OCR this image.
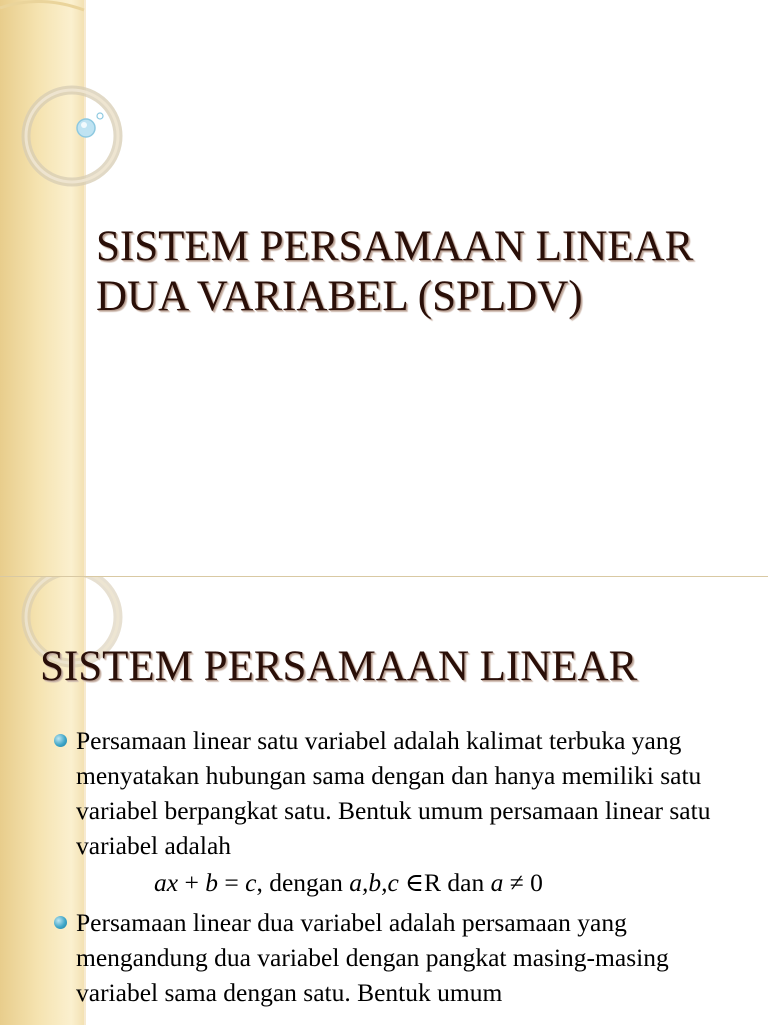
SISTEM PERSAMAAN LINEAR
DUA VARIABEL (SPLDV)
SISTEM PERSAMAAN LINEAR
Persamaan linear satu variabel adalah kalimat terbuka yang menyatakan hubungan sama dengan dan hanya memiliki satu variabel berpangkat satu. Bentuk umum persamaan linear satu variabel adalah
ax + b = c, dengan a,b,c ∈R dan a ≠ 0
Persamaan linear dua variabel adalah persamaan yang mengandung dua variabel dengan pangkat masing-masing variabel sama dengan satu. Bentuk umum
